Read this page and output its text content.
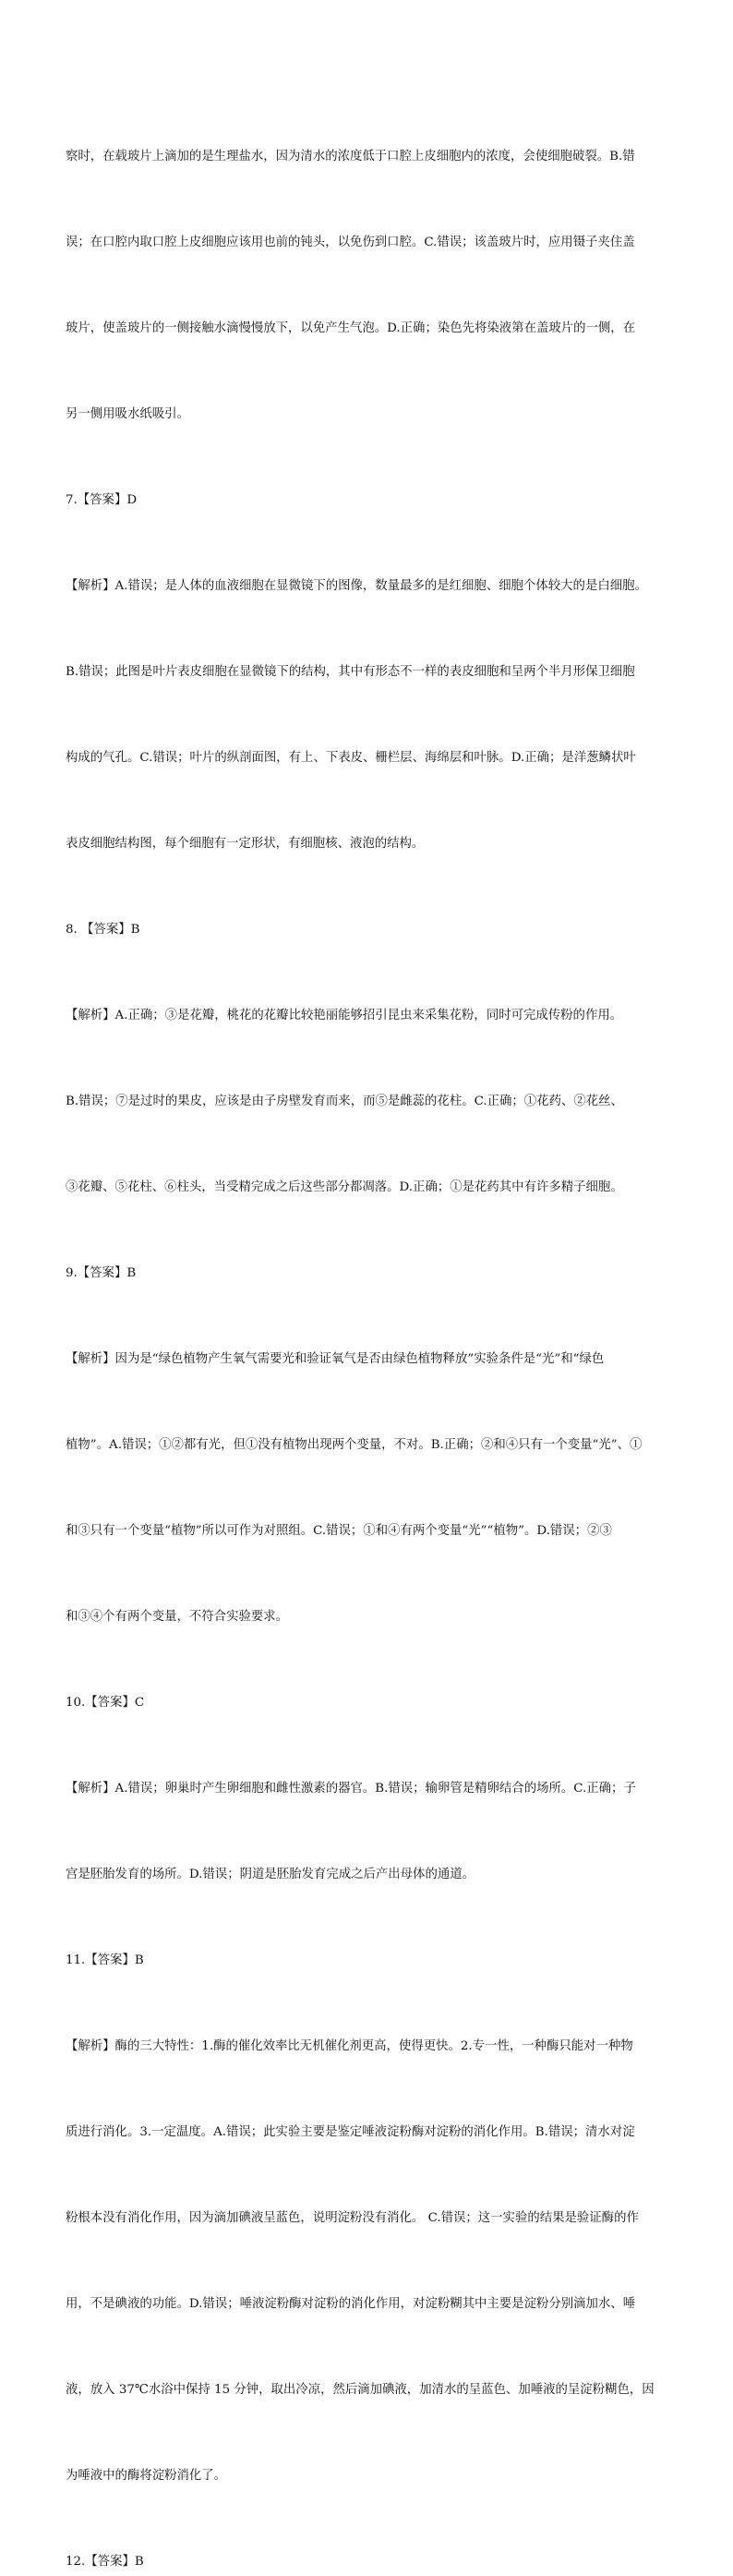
察时，在载玻片上滴加的是生理盐水，因为清水的浓度低于口腔上皮细胞内的浓度，会使细胞破裂。B.错

误；在口腔内取口腔上皮细胞应该用也前的钝头，以免伤到口腔。C.错误；该盖玻片时，应用镊子夹住盖

玻片，使盖玻片的一侧接触水滴慢慢放下，以免产生气泡。D.正确；染色先将染液第在盖玻片的一侧，在

另一侧用吸水纸吸引。

7.【答案】D

【解析】A.错误；是人体的血液细胞在显微镜下的图像，数量最多的是红细胞、细胞个体较大的是白细胞。

B.错误；此图是叶片表皮细胞在显微镜下的结构，其中有形态不一样的表皮细胞和呈两个半月形保卫细胞

构成的气孔。C.错误；叶片的纵剖面图，有上、下表皮、栅栏层、海绵层和叶脉。D.正确；是洋葱鳞状叶

表皮细胞结构图，每个细胞有一定形状，有细胞核、液泡的结构。

8. 【答案】B

【解析】A.正确；③是花瓣，桃花的花瓣比较艳丽能够招引昆虫来采集花粉，同时可完成传粉的作用。

B.错误；⑦是过时的果皮，应该是由子房壁发育而来，而⑤是雌蕊的花柱。C.正确；①花药、②花丝、

③花瓣、⑤花柱、⑥柱头，当受精完成之后这些部分都凋落。D.正确；①是花药其中有许多精子细胞。

9.【答案】B

【解析】因为是“绿色植物产生氧气需要光和验证氧气是否由绿色植物释放”实验条件是“光”和“绿色

植物”。A.错误；①②都有光，但①没有植物出现两个变量，不对。B.正确；②和④只有一个变量“光”、①

和③只有一个变量“植物”所以可作为对照组。C.错误；①和④有两个变量“光”“植物”。D.错误；②③

和③④个有两个变量，不符合实验要求。

10.【答案】C

【解析】A.错误；卵巢时产生卵细胞和雌性激素的器官。B.错误；输卵管是精卵结合的场所。C.正确；子

宫是胚胎发育的场所。D.错误；阴道是胚胎发育完成之后产出母体的通道。

11.【答案】B

【解析】酶的三大特性：1.酶的催化效率比无机催化剂更高，使得更快。2.专一性，一种酶只能对一种物

质进行消化。3.一定温度。A.错误；此实验主要是鉴定唾液淀粉酶对淀粉的消化作用。B.错误；清水对淀

粉根本没有消化作用，因为滴加碘液呈蓝色，说明淀粉没有消化。 C.错误；这一实验的结果是验证酶的作

用，不是碘液的功能。D.错误；唾液淀粉酶对淀粉的消化作用，对淀粉糊其中主要是淀粉分别滴加水、唾

液，放入 37℃水浴中保持 15 分钟，取出冷凉，然后滴加碘液，加清水的呈蓝色、加唾液的呈淀粉糊色，因

为唾液中的酶将淀粉消化了。

12.【答案】B
